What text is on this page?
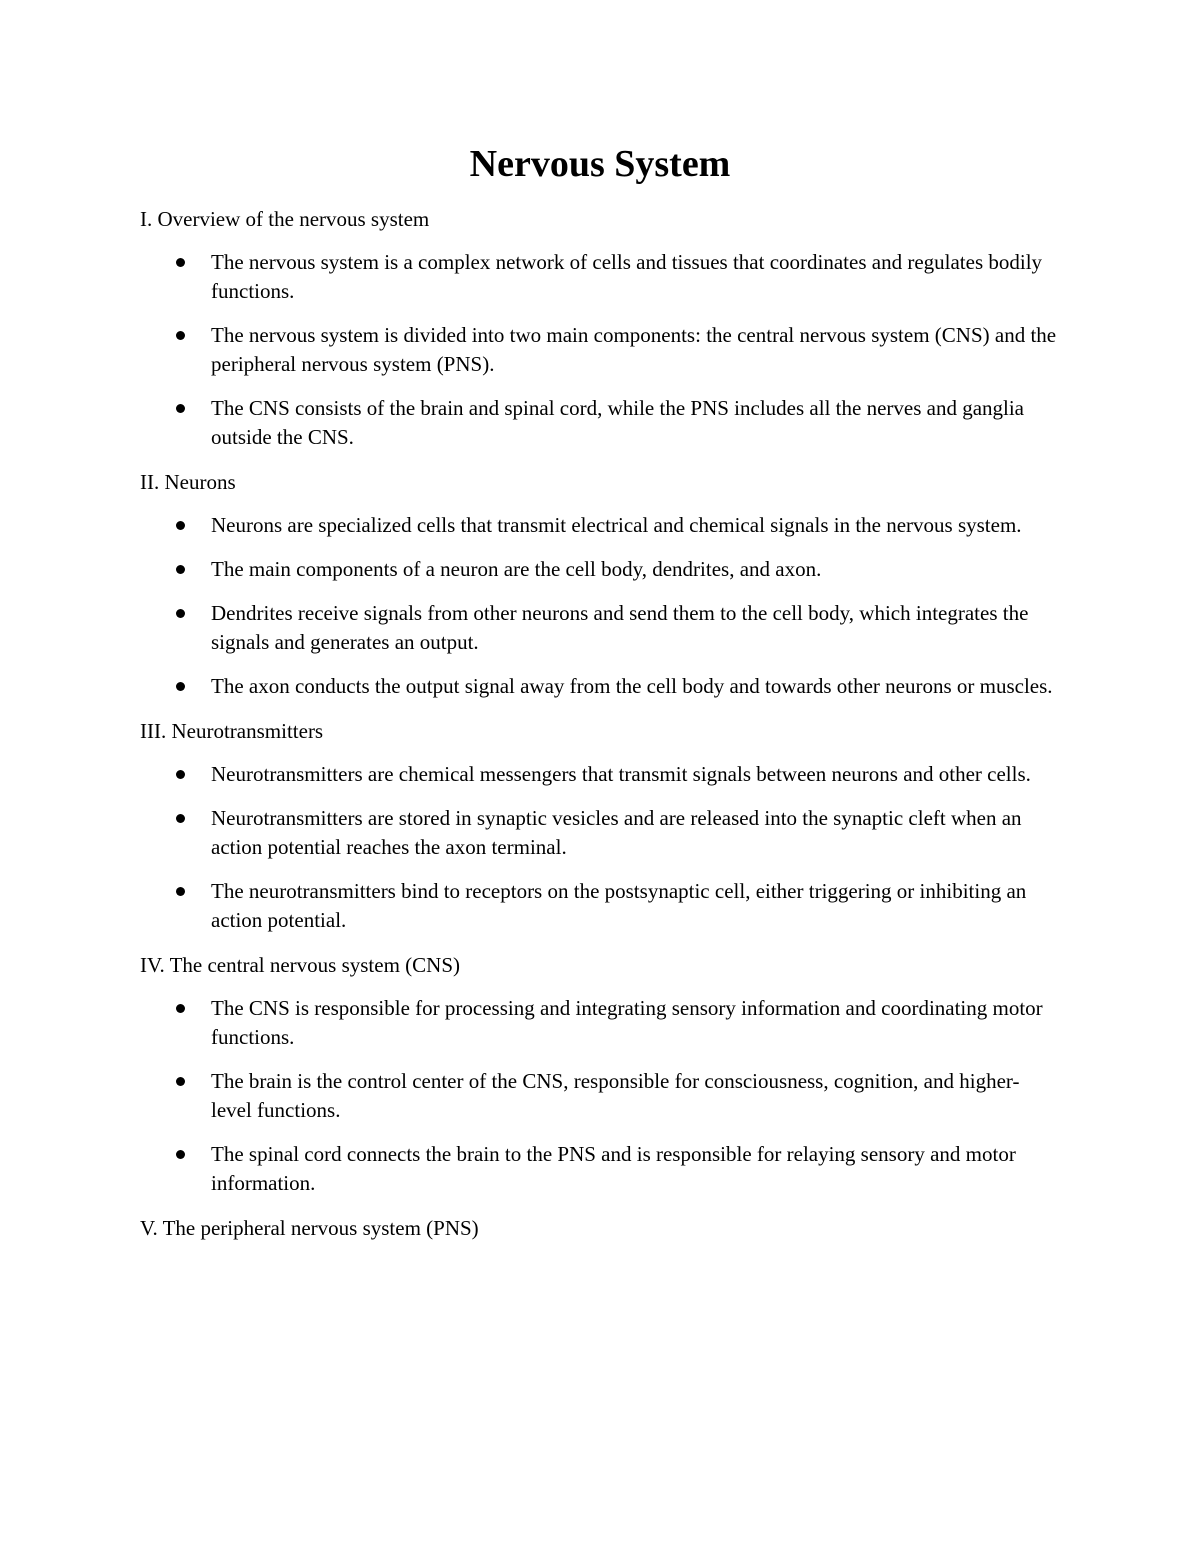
Nervous System

I. Overview of the nervous system

The nervous system is a complex network of cells and tissues that coordinates and regulates bodily functions.
The nervous system is divided into two main components: the central nervous system (CNS) and the peripheral nervous system (PNS).
The CNS consists of the brain and spinal cord, while the PNS includes all the nerves and ganglia outside the CNS.

II. Neurons

Neurons are specialized cells that transmit electrical and chemical signals in the nervous system.
The main components of a neuron are the cell body, dendrites, and axon.
Dendrites receive signals from other neurons and send them to the cell body, which integrates the signals and generates an output.
The axon conducts the output signal away from the cell body and towards other neurons or muscles.

III. Neurotransmitters

Neurotransmitters are chemical messengers that transmit signals between neurons and other cells.
Neurotransmitters are stored in synaptic vesicles and are released into the synaptic cleft when an action potential reaches the axon terminal.
The neurotransmitters bind to receptors on the postsynaptic cell, either triggering or inhibiting an action potential.

IV. The central nervous system (CNS)

The CNS is responsible for processing and integrating sensory information and coordinating motor functions.
The brain is the control center of the CNS, responsible for consciousness, cognition, and higher-level functions.
The spinal cord connects the brain to the PNS and is responsible for relaying sensory and motor information.

V. The peripheral nervous system (PNS)
